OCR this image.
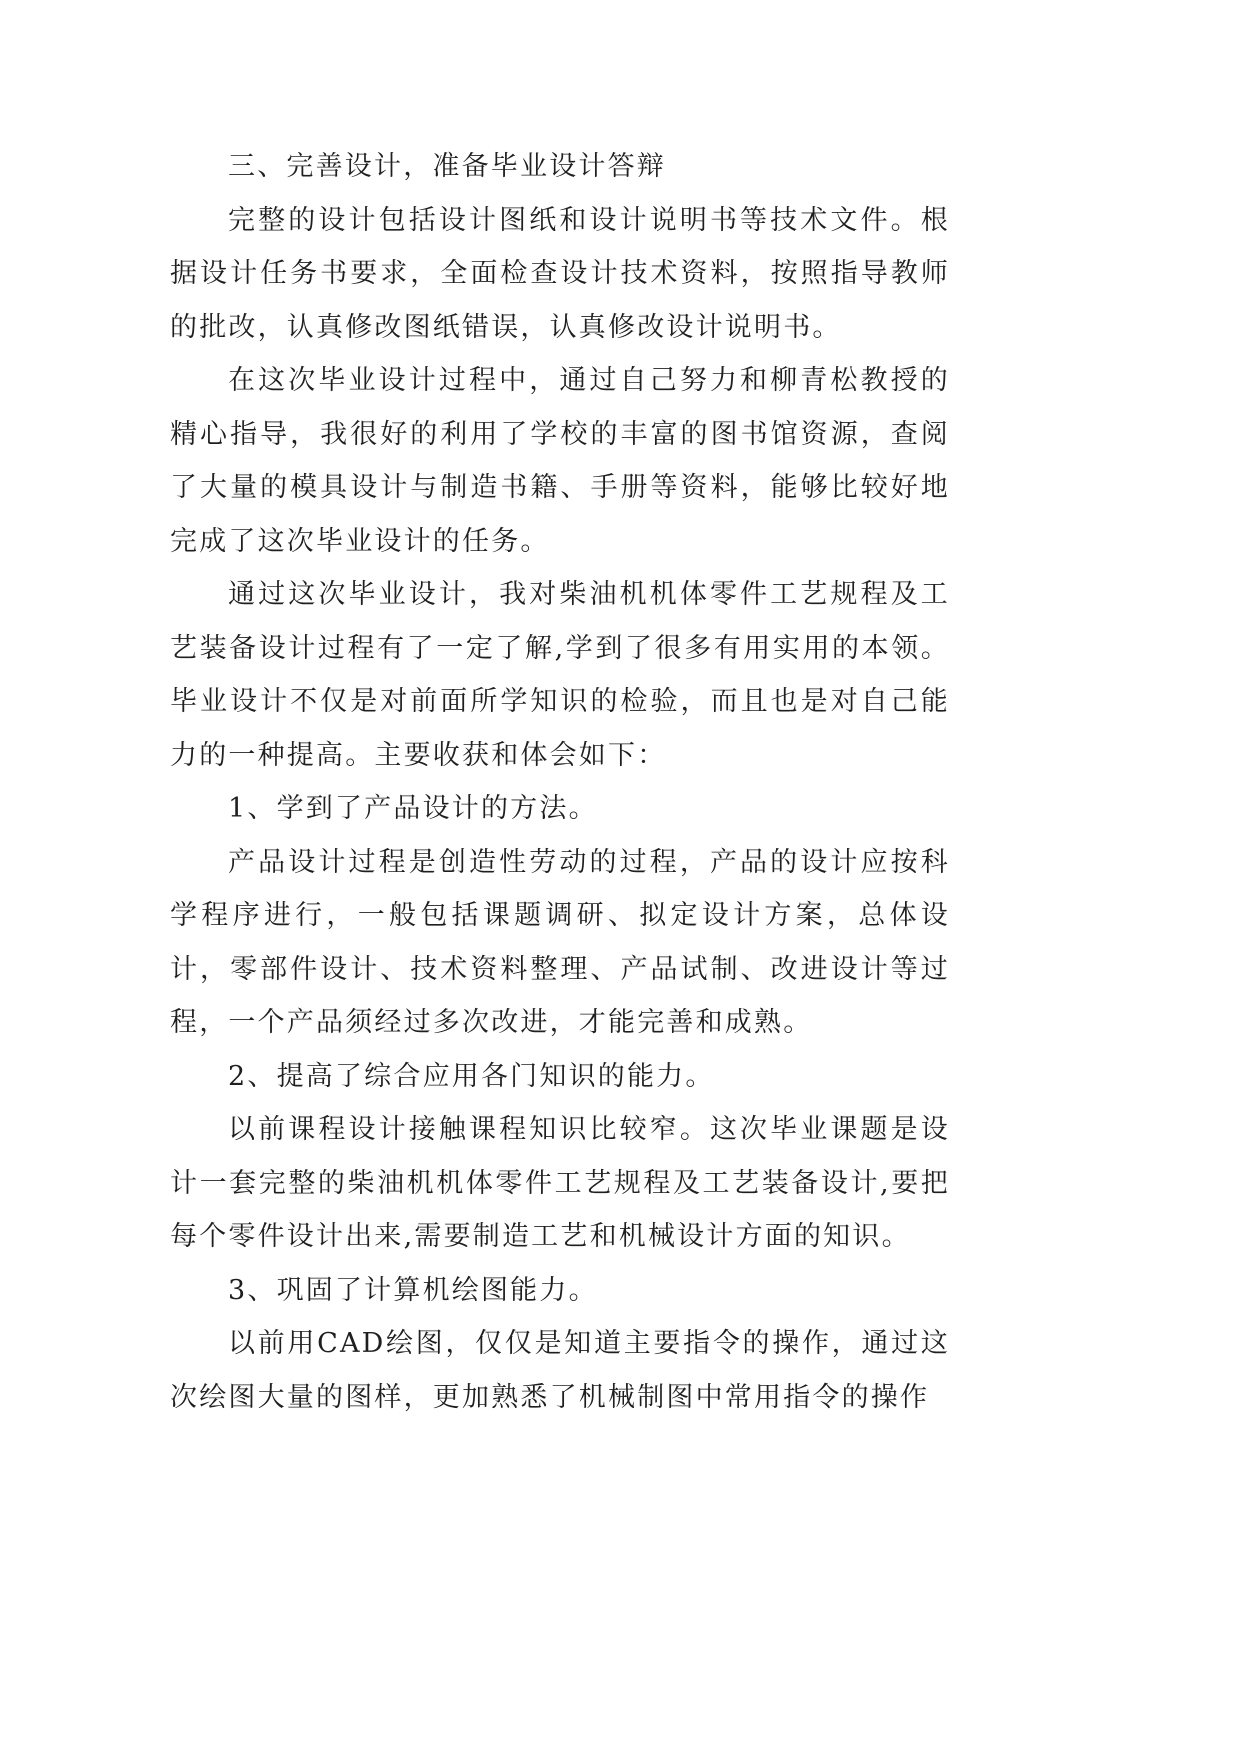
三、完善设计，准备毕业设计答辩

完整的设计包括设计图纸和设计说明书等技术文件。根据设计任务书要求，全面检查设计技术资料，按照指导教师的批改，认真修改图纸错误，认真修改设计说明书。

在这次毕业设计过程中，通过自己努力和柳青松教授的精心指导，我很好的利用了学校的丰富的图书馆资源，查阅了大量的模具设计与制造书籍、手册等资料，能够比较好地完成了这次毕业设计的任务。

通过这次毕业设计，我对柴油机机体零件工艺规程及工艺装备设计过程有了一定了解,学到了很多有用实用的本领。毕业设计不仅是对前面所学知识的检验，而且也是对自己能力的一种提高。主要收获和体会如下：

1、学到了产品设计的方法。

产品设计过程是创造性劳动的过程，产品的设计应按科学程序进行，一般包括课题调研、拟定设计方案，总体设计，零部件设计、技术资料整理、产品试制、改进设计等过程，一个产品须经过多次改进，才能完善和成熟。

2、提高了综合应用各门知识的能力。

以前课程设计接触课程知识比较窄。这次毕业课题是设计一套完整的柴油机机体零件工艺规程及工艺装备设计,要把每个零件设计出来,需要制造工艺和机械设计方面的知识。

3、巩固了计算机绘图能力。

以前用CAD绘图，仅仅是知道主要指令的操作，通过这次绘图大量的图样，更加熟悉了机械制图中常用指令的操作
